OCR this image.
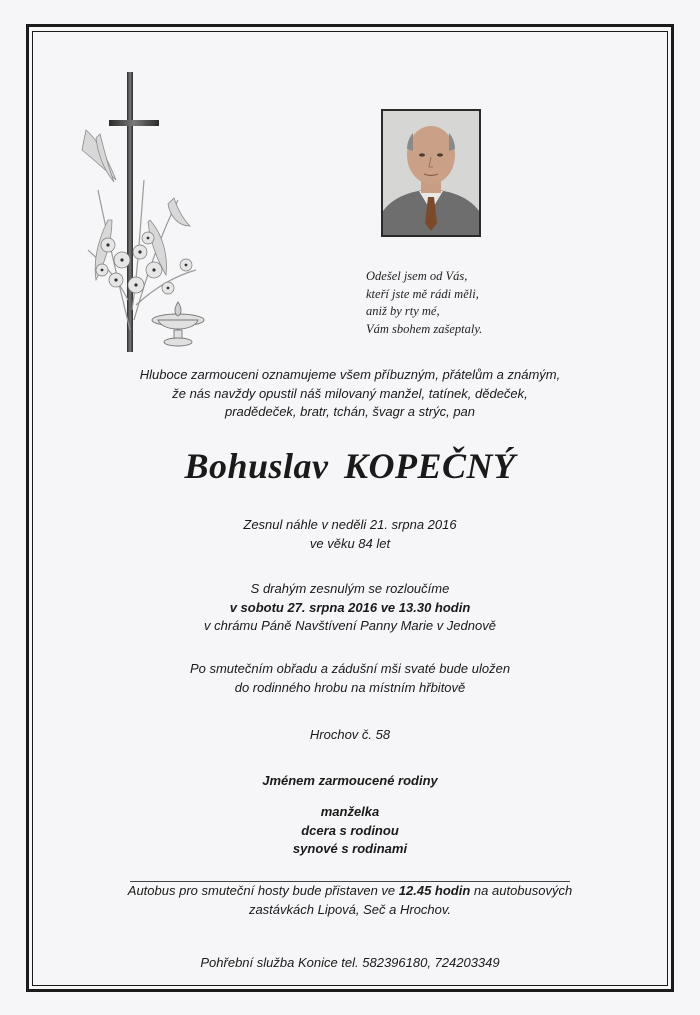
Odešel jsem od Vás,
kteří jste mě rádi měli,
aniž by rty mé,
Vám sbohem zašeptaly.
Hluboce zarmouceni oznamujeme všem příbuzným, přátelům a známým,
že nás navždy opustil náš milovaný manžel, tatínek, dědeček,
pradědeček, bratr, tchán, švagr a strýc, pan
Bohuslav KOPEČNÝ
Zesnul náhle v neděli 21. srpna 2016
ve věku 84 let
S drahým zesnulým se rozloučíme
v sobotu 27. srpna 2016 ve 13.30 hodin
v chrámu Páně Navštívení Panny Marie v Jednově
Po smutečním obřadu a zádušní mši svaté bude uložen
do rodinného hrobu na místním hřbitově
Hrochov č. 58
Jménem zarmoucené rodiny
manželka
dcera s rodinou
synové s rodinami
Autobus pro smuteční hosty bude přistaven ve 12.45 hodin na autobusových
zastávkách Lipová, Seč a Hrochov.
Pohřební služba Konice tel. 582396180, 724203349
